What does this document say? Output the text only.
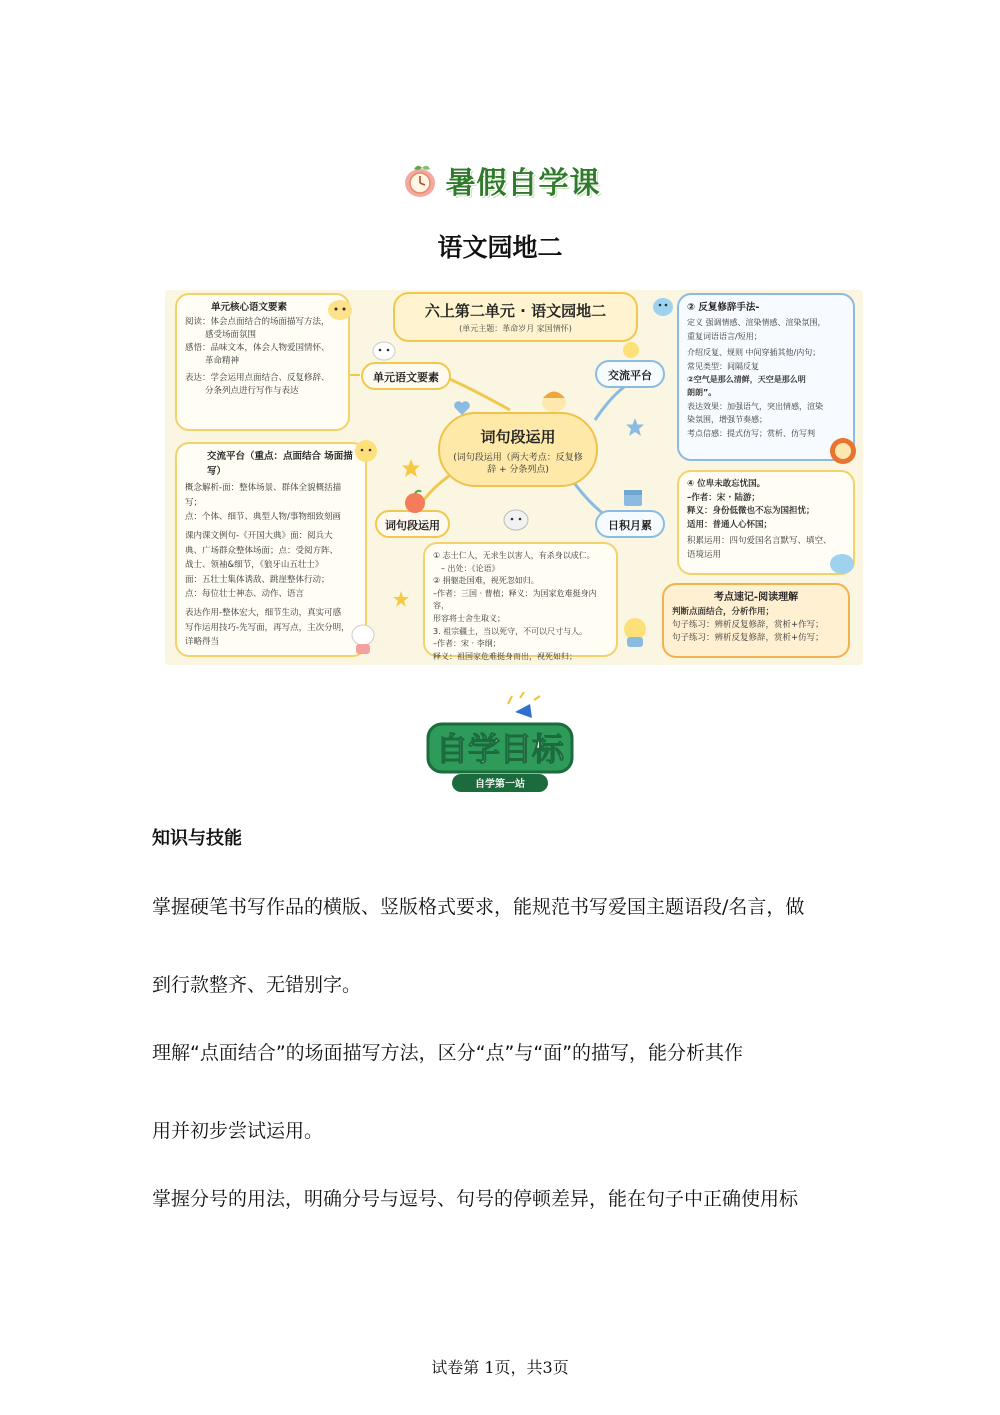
暑假自学课
语文园地二
单元核心语文要素
阅读：体会点面结合的场面描写方法，
感受场面氛围
感悟：品味文本，体会人物爱国情怀、
革命精神
表达：学会运用点面结合、反复修辞、
分条列点进行写作与表达
交流平台（重点：点面结合 场面描写）
概念解析-面：整体场景、群体全貌概括描写；
点：个体、细节、典型人物/事物细致刻画
课内课文例句-《开国大典》面：阅兵大
典、广场群众整体场面；点：受阅方阵、
战士、领袖&细节，《狼牙山五壮士》
面：五壮士集体诱敌、跳崖整体行动；
点：每位壮士神态、动作、语言
表达作用-整体宏大，细节生动，真实可感
写作运用技巧-先写面，再写点，主次分明，
详略得当
六上第二单元 · 语文园地二
(单元主题：革命岁月 家国情怀)
单元语文要素	交流平台
词句段运用	日积月累
词句段运用
(词句段运用（两大考点：反复修辞 + 分条列点)
① 志士仁人，无求生以害人，有杀身以成仁。
– 出处：《论语》
② 捐躯赴国难，视死忽如归。
–作者：三国 · 曹植；释义：为国家危难挺身内容，
形容将士舍生取义；
3. 祖宗疆土，当以死守，不可以尺寸与人。
–作者：宋 · 李纲；
释义：祖国家危难挺身而出，视死如归；
② 反复修辞手法-
定义 强调情感、渲染情感、渲染氛围，
重复词语语言/短用；
介绍反复、规则 中间穿插其他/内句；
常见类型：间隔反复
②空气是那么清鲜，天空是那么明
朗朗”。
表达效果：加强语气，突出情感，渲染
染氛围，增强节奏感；
考点信感：提式仿写；赏析、仿写判
④ 位卑未敢忘忧国。
–作者：宋 · 陆游；
释义：身份低微也不忘为国担忧；
适用：普通人心怀国；
积累运用：四句爱国名言默写、填空、
语境运用
考点速记-阅读理解
判断点面结合，分析作用；
句子练习：辨析反复修辞，赏析+作写；
句子练习：辨析反复修辞，赏析+仿写；
自学目标
自学第一站
知识与技能
掌握硬笔书写作品的横版、竖版格式要求，能规范书写爱国主题语段/名言，做
到行款整齐、无错别字。
理解“点面结合”的场面描写方法，区分“点”与“面”的描写，能分析其作
用并初步尝试运用。
掌握分号的用法，明确分号与逗号、句号的停顿差异，能在句子中正确使用标
试卷第 1页，共3页
